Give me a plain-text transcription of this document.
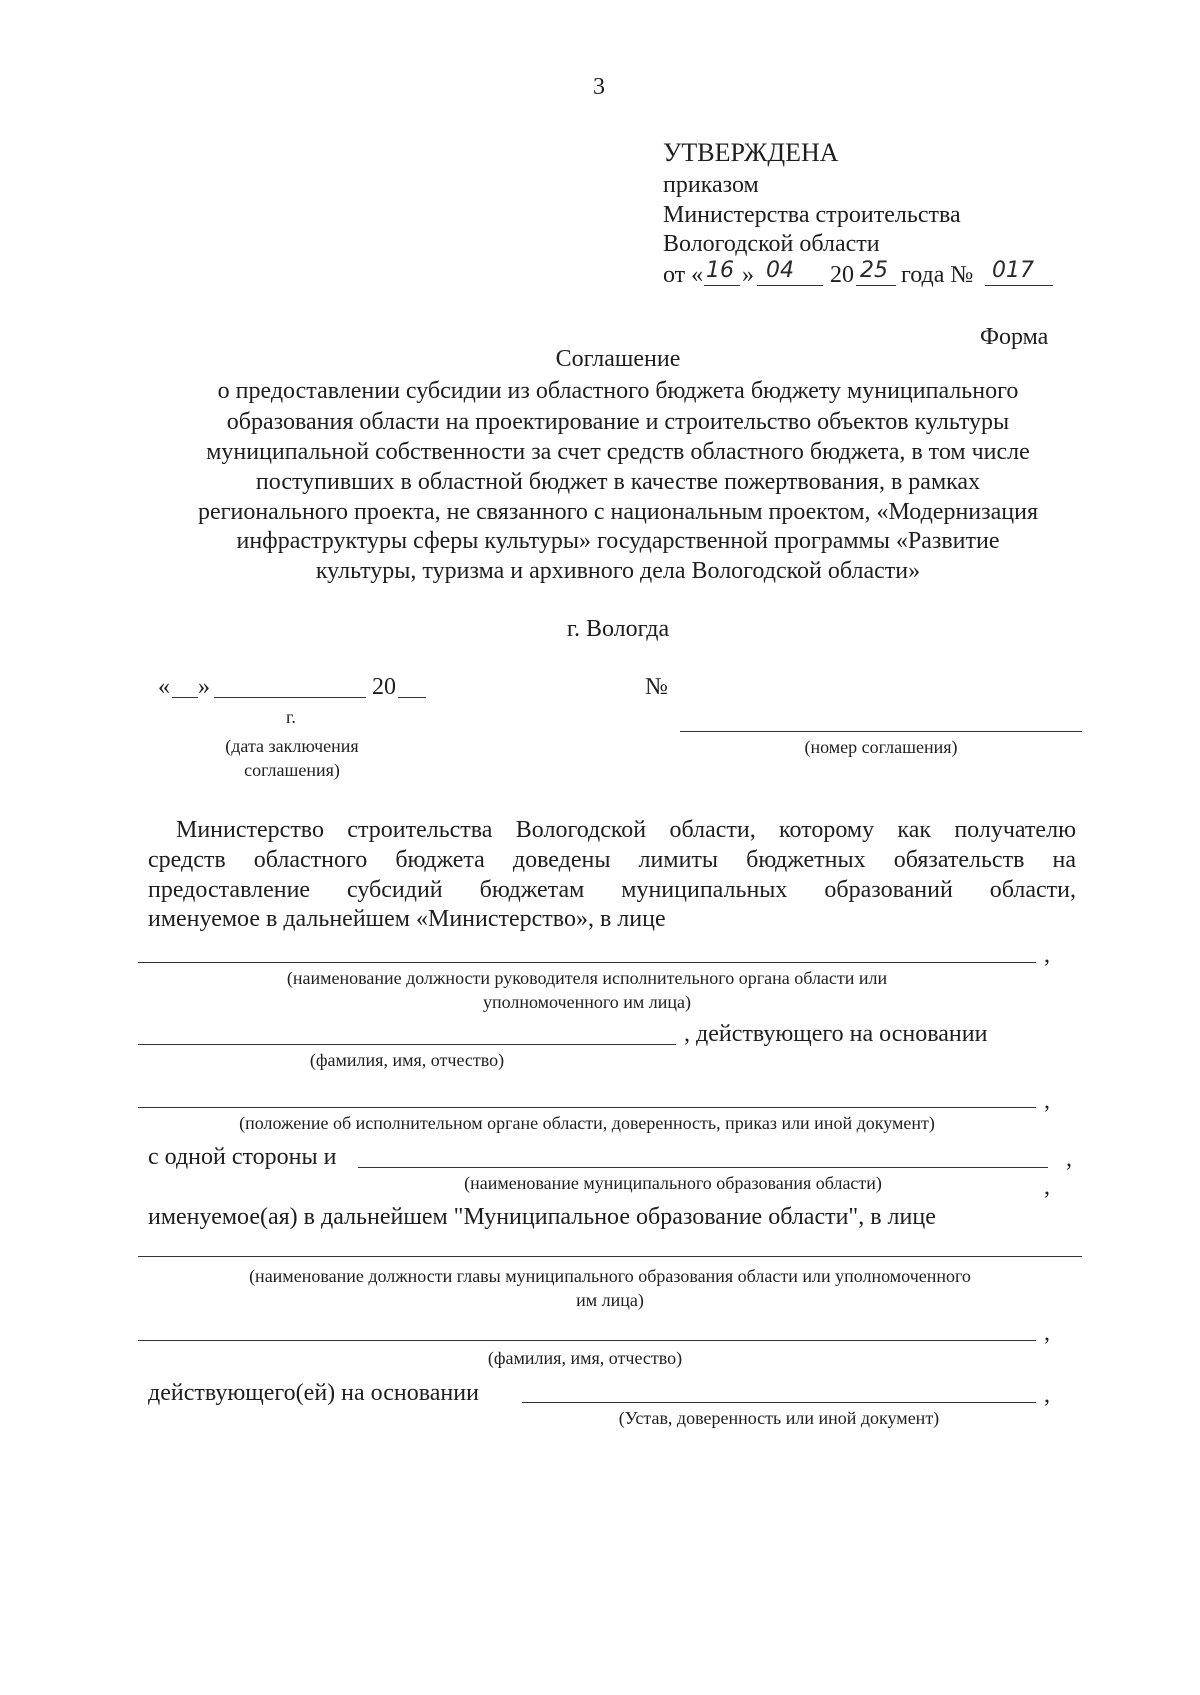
3
УТВЕРЖДЕНА
приказом
Министерства строительства
Вологодской области
от « 16 » 04 20 25 года № 017
Форма
Соглашение
о предоставлении субсидии из областного бюджета бюджету муниципального
образования области на проектирование и строительство объектов культуры
муниципальной собственности за счет средств областного бюджета, в том числе
поступивших в областной бюджет в качестве пожертвования, в рамках
регионального проекта, не связанного с национальным проектом, «Модернизация
инфраструктуры сферы культуры» государственной программы «Развитие
культуры, туризма и архивного дела Вологодской области»
г. Вологда
« »	20
г.
(дата заключения
соглашения)
№
(номер соглашения)
Министерство строительства Вологодской области, которому как получателю
средств областного бюджета доведены лимиты бюджетных обязательств на
предоставление субсидий бюджетам муниципальных образований области,
именуемое в дальнейшем «Министерство», в лице
,
(наименование должности руководителя исполнительного органа области или
уполномоченного им лица)
, действующего на основании
(фамилия, имя, отчество)
,
(положение об исполнительном органе области, доверенность, приказ или иной документ)
с одной стороны и	,
(наименование муниципального образования области)	,
именуемое(ая) в дальнейшем "Муниципальное образование области", в лице
(наименование должности главы муниципального образования области или уполномоченного
им лица)
,
(фамилия, имя, отчество)
действующего(ей) на основании	,
(Устав, доверенность или иной документ)
